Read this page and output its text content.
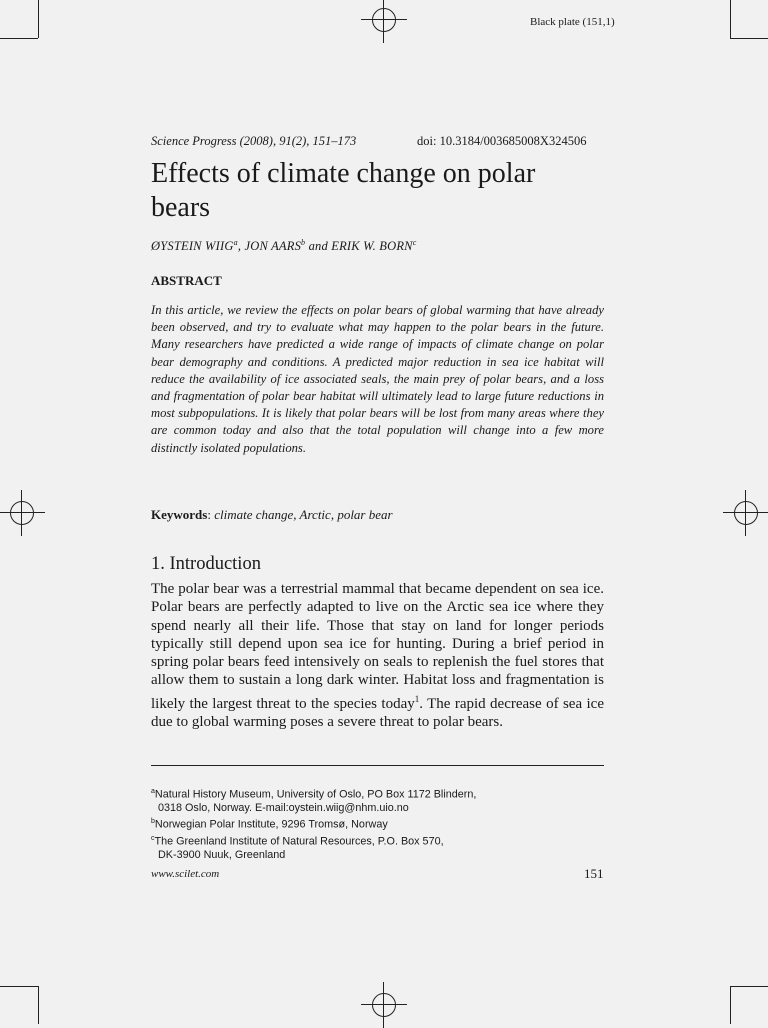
Black plate (151,1)
Science Progress (2008), 91(2), 151–173	doi: 10.3184/003685008X324506
Effects of climate change on polar
bears
ØYSTEIN WIIG$^a$, JON AARS$^b$ and ERIK W. BORN$^c$
ABSTRACT

In this article, we review the effects on polar bears of global warming that have already been observed, and try to evaluate what may happen to the polar bears in the future. Many researchers have predicted a wide range of impacts of climate change on polar bear demography and conditions. A predicted major reduction in sea ice habitat will reduce the availability of ice associated seals, the main prey of polar bears, and a loss and fragmentation of polar bear habitat will ultimately lead to large future reductions in most subpopulations. It is likely that polar bears will be lost from many areas where they are common today and also that the total population will change into a few more distinctly isolated populations.

Keywords: climate change, Arctic, polar bear
1. Introduction

The polar bear was a terrestrial mammal that became dependent on sea ice. Polar bears are perfectly adapted to live on the Arctic sea ice where they spend nearly all their life. Those that stay on land for longer periods typically still depend upon sea ice for hunting. During a brief period in spring polar bears feed intensively on seals to replenish the fuel stores that allow them to sustain a long dark winter. Habitat loss and fragmentation is likely the largest threat to the species today$^1$. The rapid decrease of sea ice due to global warming poses a severe threat to polar bears.

$^a$Natural History Museum, University of Oslo, PO Box 1172 Blindern,
0318 Oslo, Norway. E-mail:oystein.wiig@nhm.uio.no
$^b$Norwegian Polar Institute, 9296 Tromsø, Norway
$^c$The Greenland Institute of Natural Resources, P.O. Box 570,
DK-3900 Nuuk, Greenland
www.scilet.com	151
